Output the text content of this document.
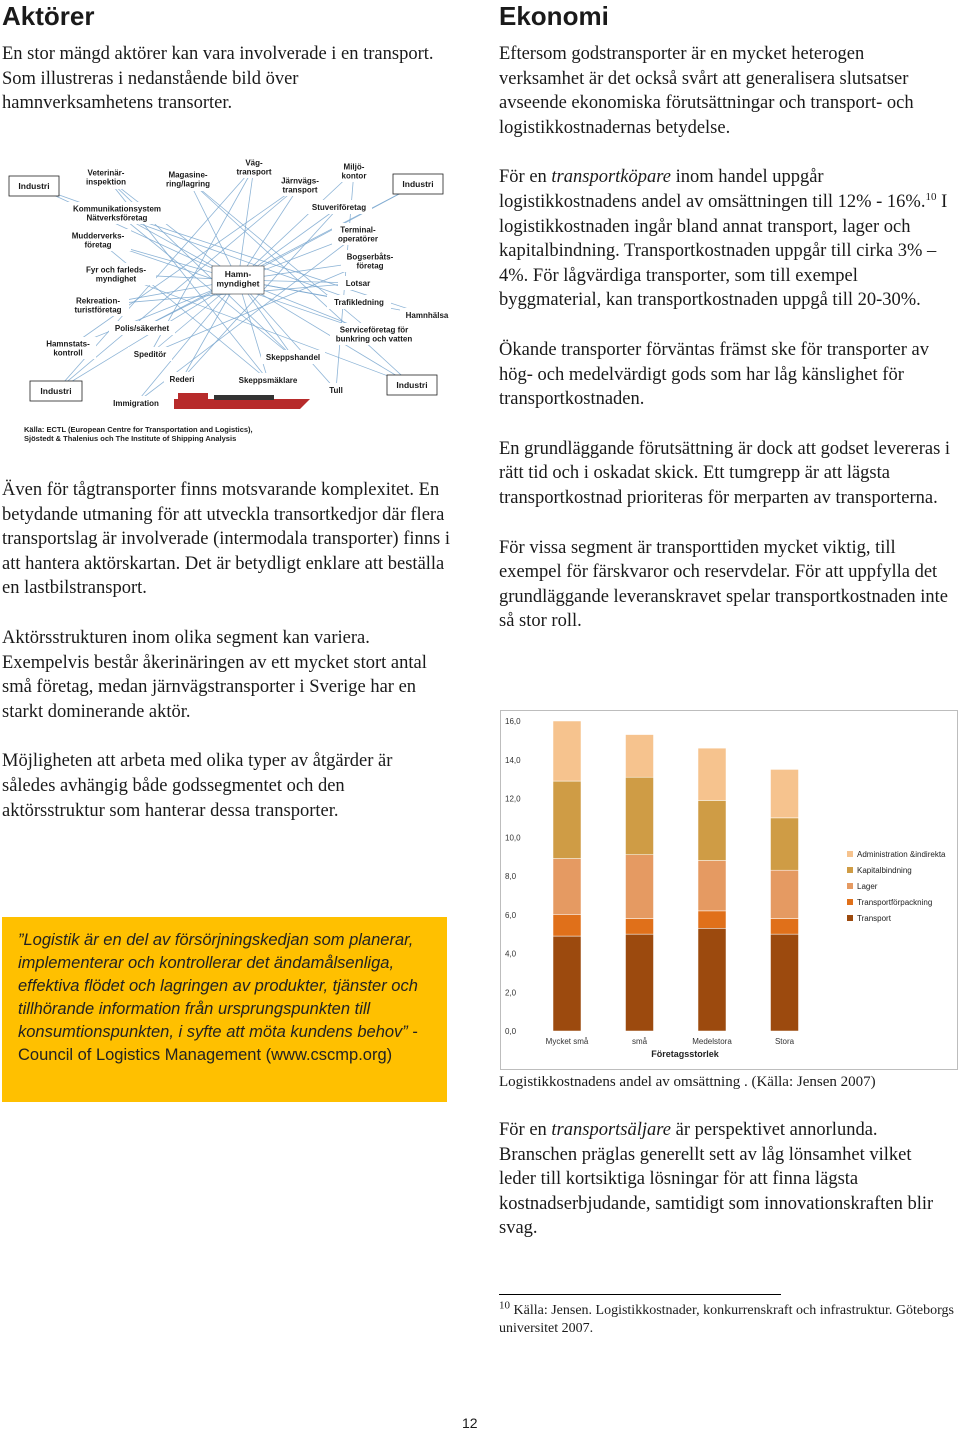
Aktörer

En stor mängd aktörer kan vara involverade i en transport. Som illustreras i nedanstående bild över hamnverksamhetens transorter.

Hamn-myndighet
Industri
Veterinär-inspektion
Magasine-ring/lagring
Väg-transport
Järnvägs-transport
Miljö-kontor
Industri
Kommunikationsystem Nätverksföretag
Stuveriföretag
Mudderverks-företag
Terminal-operatörer
Fyr och farleds-myndighet
Bogserbåts-företag
Lotsar
Rekreation-turistföretag
Trafikledning
Hamnhälsa
Polis/säkerhet	Serviceföretag för bunkring och vatten
Hamnstats-kontroll	Speditör	Skeppshandel
Industri
Rederi	Skeppsmäklare
Tull
Industri
Immigration
Källa: ECTL (European Centre for Transportation and Logistics), Sjöstedt & Thalenius och The Institute of Shipping Analysis

Även för tågtransporter finns motsvarande komplexitet. En betydande utmaning för att utveckla transortkedjor där flera transportslag är involverade (intermodala transporter) finns i att hantera aktörskartan. Det är betydligt enklare att beställa en lastbilstransport.

Aktörsstrukturen inom olika segment kan variera. Exempelvis består åkerinäringen av ett mycket stort antal små företag, medan järnvägstransporter i Sverige har en starkt dominerande aktör.

Möjligheten att arbeta med olika typer av åtgärder är således avhängig både godssegmentet och den aktörsstruktur som hanterar dessa transporter.

”Logistik är en del av försörjningskedjan som planerar, implementerar och kontrollerar det ändamålsenliga, effektiva flödet och lagringen av produkter, tjänster och tillhörande information från ursprungspunkten till konsumtionspunkten, i syfte att möta kundens behov” - Council of Logistics Management (www.cscmp.org)
Ekonomi

Eftersom godstransporter är en mycket heterogen verksamhet är det också svårt att generalisera slutsatser avseende ekonomiska förutsättningar och transport- och logistikkostnadernas betydelse.

För en transportköpare inom handel uppgår logistikkostnadens andel av omsättningen till 12% - 16%.$^{10}$ I logistikkostnaden ingår bland annat transport, lager och kapitalbindning. Transportkostnaden uppgår till cirka 3% – 4%. För lågvärdiga transporter, som till exempel byggmaterial, kan transportkostnaden uppgå till 20-30%.

Ökande transporter förväntas främst ske för transporter av hög- och medelvärdigt gods som har låg känslighet för transportkostnaden.

En grundläggande förutsättning är dock att godset levereras i rätt tid och i oskadat skick. Ett tumgrepp är att lägsta transportkostnad prioriteras för merparten av transporterna.

För vissa segment är transporttiden mycket viktig, till exempel för färskvaror och reservdelar. För att uppfylla det grundläggande leveranskravet spelar transportkostnaden inte så stor roll.

0,0
2,0
4,0
6,0
8,0
10,0
12,0
14,0
16,0
Mycket små	små	Medelstora	Stora
Administration &indirekta
Kapitalbindning
Lager
Transportförpackning
Transport
Företagsstorlek
Logistikkostnadens andel av omsättning . (Källa: Jensen 2007)

För en transportsäljare är perspektivet annorlunda. Branschen präglas generellt sett av låg lönsamhet vilket leder till kortsiktiga lösningar för att finna lägsta kostnadserbjudande, samtidigt som innovationskraften blir svag.

$^{10}$ Källa: Jensen. Logistikkostnader, konkurrenskraft och infrastruktur. Göteborgs universitet 2007.
12
